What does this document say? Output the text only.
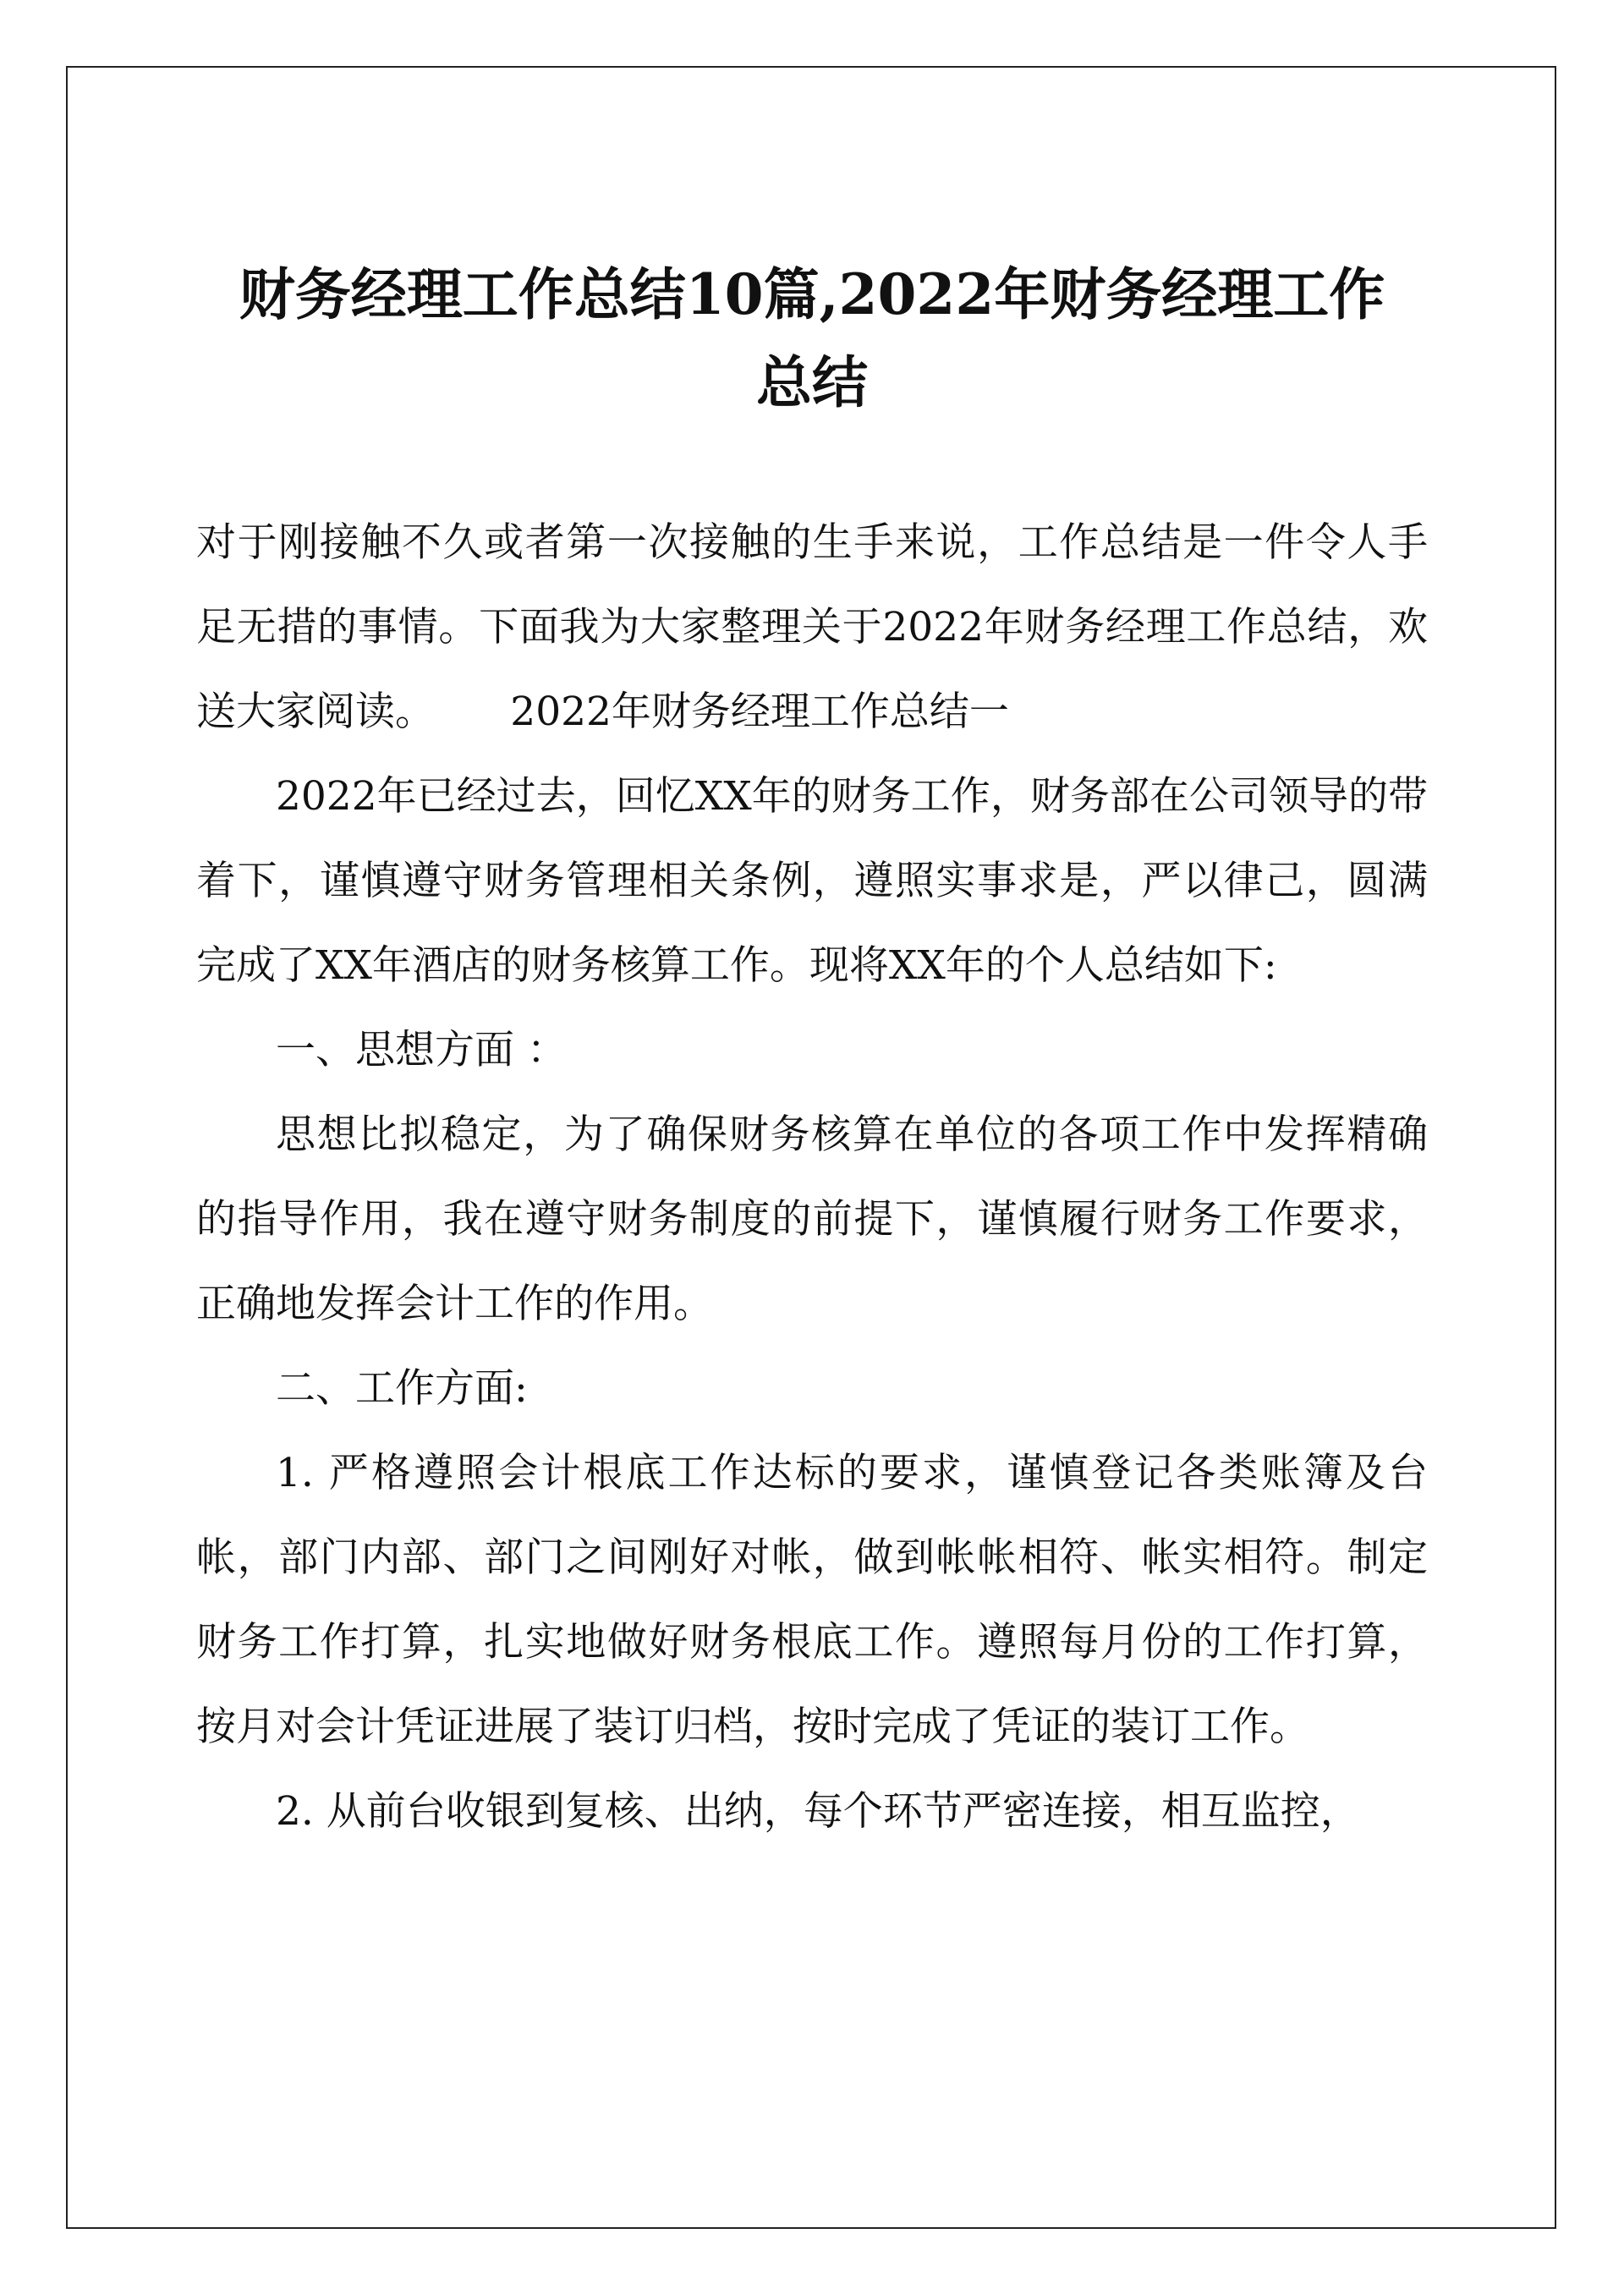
财务经理工作总结10篇,2022年财务经理工作
总结

对于刚接触不久或者第一次接触的生手来说，工作总结是一件令人手足无措的事情。下面我为大家整理关于2022年财务经理工作总结，欢送大家阅读。 2022年财务经理工作总结一

2022年已经过去，回忆XX年的财务工作，财务部在公司领导的带着下，谨慎遵守财务管理相关条例，遵照实事求是，严以律己，圆满完成了XX年酒店的财务核算工作。现将XX年的个人总结如下:

一、思想方面 ：

思想比拟稳定，为了确保财务核算在单位的各项工作中发挥精确的指导作用，我在遵守财务制度的前提下，谨慎履行财务工作要求，正确地发挥会计工作的作用。

二、工作方面:

1. 严格遵照会计根底工作达标的要求，谨慎登记各类账簿及台帐，部门内部、部门之间刚好对帐，做到帐帐相符、帐实相符。制定财务工作打算，扎实地做好财务根底工作。遵照每月份的工作打算，按月对会计凭证进展了装订归档，按时完成了凭证的装订工作。

2. 从前台收银到复核、出纳，每个环节严密连接，相互监控，
